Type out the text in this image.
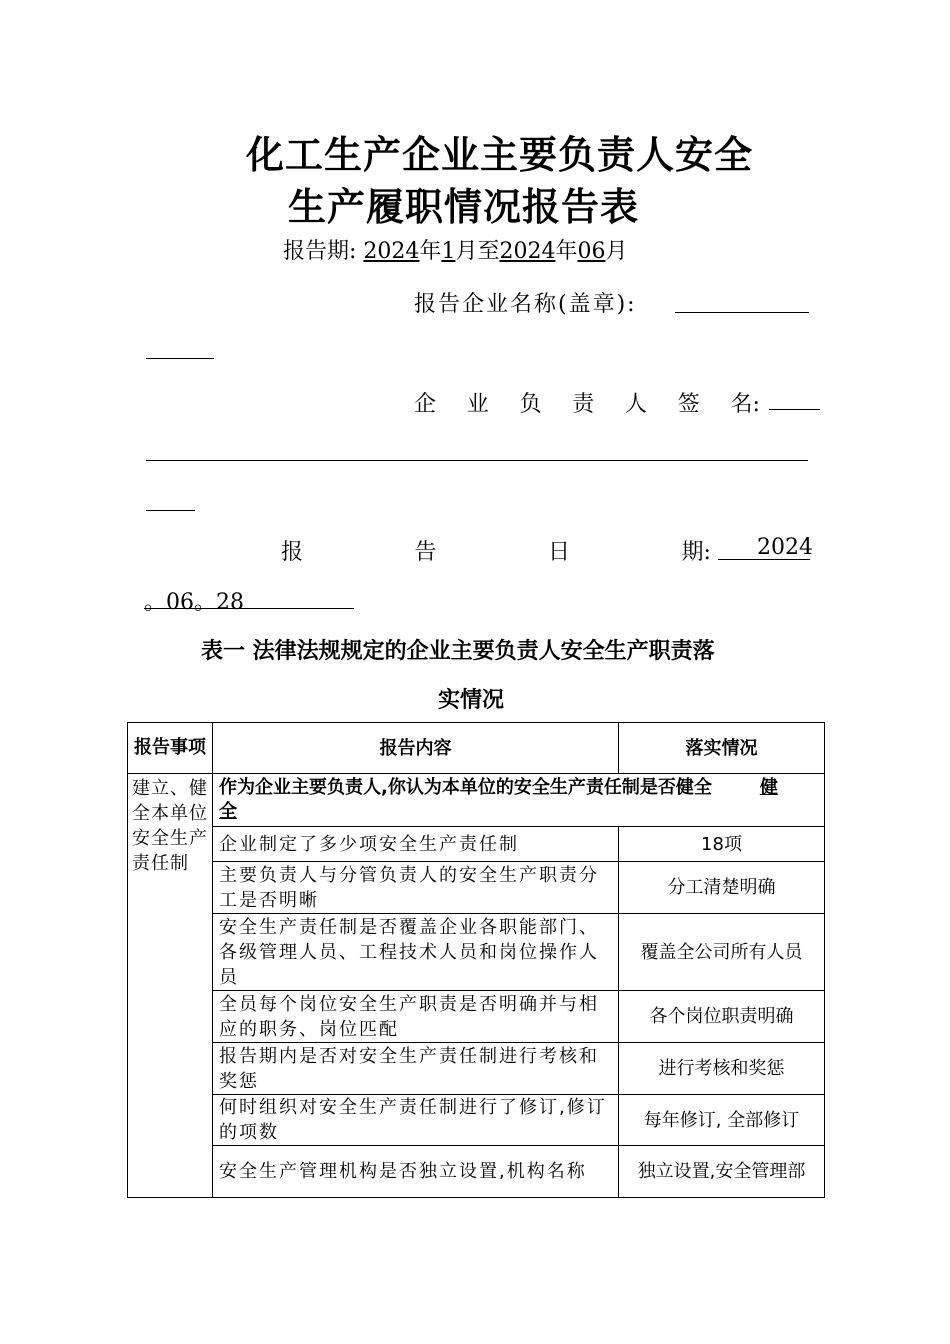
化工生产企业主要负责人安全
生产履职情况报告表
报告期: 2024年1月至2024年06月
报告企业名称(盖章):
企 业 负 责 人 签 名:
报	告	日	期: 2024
。06。28
表一 法律法规规定的企业主要负责人安全生产职责落
实情况
报告事项	报告内容	落实情况
建立、健全本单位安全生产责任制	作为企业主要负责人,你认为本单位的安全生产责任制是否健全 健全	
	企业制定了多少项安全生产责任制	18项
	主要负责人与分管负责人的安全生产职责分工是否明晰	分工清楚明确
	安全生产责任制是否覆盖企业各职能部门、各级管理人员、工程技术人员和岗位操作人员	覆盖全公司所有人员
	全员每个岗位安全生产职责是否明确并与相应的职务、岗位匹配	各个岗位职责明确
	报告期内是否对安全生产责任制进行考核和奖惩	进行考核和奖惩
	何时组织对安全生产责任制进行了修订,修订的项数	每年修订, 全部修订
	安全生产管理机构是否独立设置,机构名称	独立设置,安全管理部
